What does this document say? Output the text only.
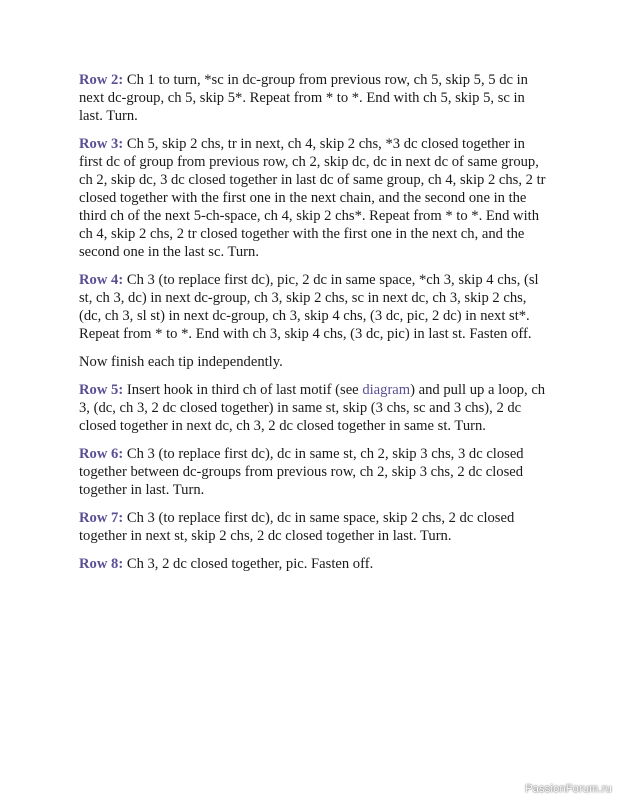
Row 2: Ch 1 to turn, *sc in dc-group from previous row, ch 5, skip 5, 5 dc in next dc-group, ch 5, skip 5*. Repeat from * to *. End with ch 5, skip 5, sc in last. Turn.

Row 3: Ch 5, skip 2 chs, tr in next, ch 4, skip 2 chs, *3 dc closed together in first dc of group from previous row, ch 2, skip dc, dc in next dc of same group, ch 2, skip dc, 3 dc closed together in last dc of same group, ch 4, skip 2 chs, 2 tr closed together with the first one in the next chain, and the second one in the third ch of the next 5-ch-space, ch 4, skip 2 chs*. Repeat from * to *. End with ch 4, skip 2 chs, 2 tr closed together with the first one in the next ch, and the second one in the last sc. Turn.

Row 4: Ch 3 (to replace first dc), pic, 2 dc in same space, *ch 3, skip 4 chs, (sl st, ch 3, dc) in next dc-group, ch 3, skip 2 chs, sc in next dc, ch 3, skip 2 chs, (dc, ch 3, sl st) in next dc-group, ch 3, skip 4 chs, (3 dc, pic, 2 dc) in next st*. Repeat from * to *. End with ch 3, skip 4 chs, (3 dc, pic) in last st. Fasten off.

Now finish each tip independently.

Row 5: Insert hook in third ch of last motif (see diagram) and pull up a loop, ch 3, (dc, ch 3, 2 dc closed together) in same st, skip (3 chs, sc and 3 chs), 2 dc closed together in next dc, ch 3, 2 dc closed together in same st. Turn.

Row 6: Ch 3 (to replace first dc), dc in same st, ch 2, skip 3 chs, 3 dc closed together between dc-groups from previous row, ch 2, skip 3 chs, 2 dc closed together in last. Turn.

Row 7: Ch 3 (to replace first dc), dc in same space, skip 2 chs, 2 dc closed together in next st, skip 2 chs, 2 dc closed together in last. Turn.

Row 8: Ch 3, 2 dc closed together, pic. Fasten off.

PassionForum.ru
